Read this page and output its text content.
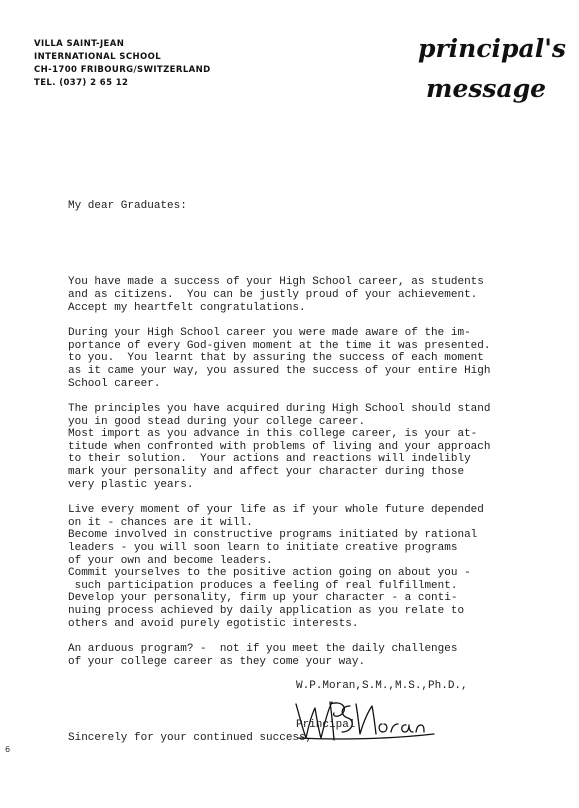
VILLA SAINT-JEAN
INTERNATIONAL SCHOOL
CH-1700 FRIBOURG/SWITZERLAND
TEL. (037) 2 65 12
principal's
message

My dear Graduates:

You have made a success of your High School career, as students
and as citizens.  You can be justly proud of your achievement.
Accept my heartfelt congratulations.
During your High School career you were made aware of the im-
portance of every God-given moment at the time it was presented.
to you.  You learnt that by assuring the success of each moment
as it came your way, you assured the success of your entire High
School career.
The principles you have acquired during High School should stand
you in good stead during your college career.
Most import as you advance in this college career, is your at-
titude when confronted with problems of living and your approach
to their solution.  Your actions and reactions will indelibly
mark your personality and affect your character during those
very plastic years.
Live every moment of your life as if your whole future depended
on it - chances are it will.
Become involved in constructive programs initiated by rational
leaders - you will soon learn to initiate creative programs
of your own and become leaders.
Commit yourselves to the positive action going on about you -
such participation produces a feeling of real fulfillment.
Develop your personality, firm up your character - a conti-
nuing process achieved by daily application as you relate to
others and avoid purely egotistic interests.
An arduous program? -  not if you meet the daily challenges
of your college career as they come your way.

Sincerely for your continued success,

W.P.Moran,S.M.,M.S.,Ph.D.,

Principal

6
